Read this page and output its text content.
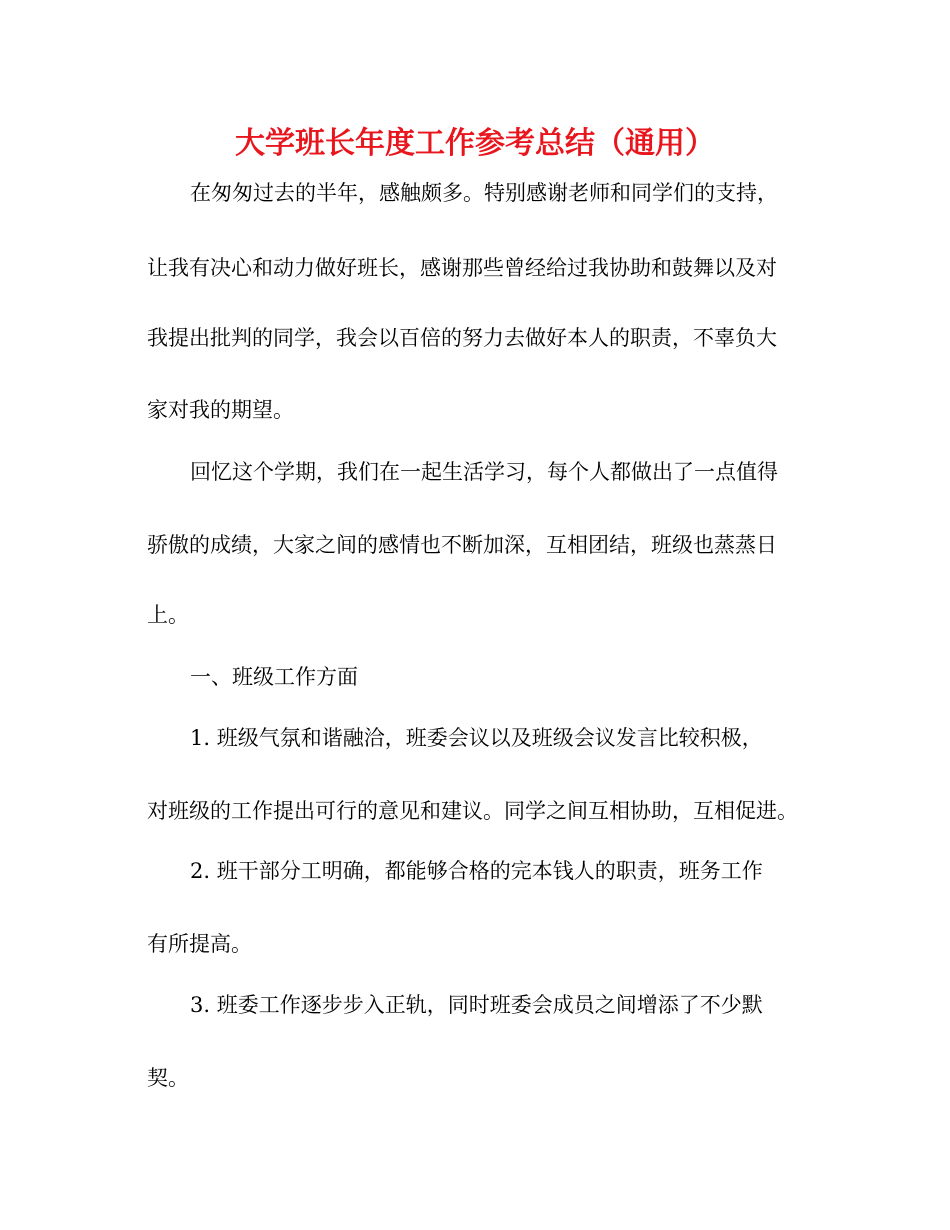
大学班长年度工作参考总结（通用）

在匆匆过去的半年，感触颇多。特别感谢老师和同学们的支持，

让我有决心和动力做好班长，感谢那些曾经给过我协助和鼓舞以及对

我提出批判的同学，我会以百倍的努力去做好本人的职责，不辜负大

家对我的期望。

回忆这个学期，我们在一起生活学习，每个人都做出了一点值得

骄傲的成绩，大家之间的感情也不断加深，互相团结，班级也蒸蒸日

上。

一、班级工作方面

1. 班级气氛和谐融洽，班委会议以及班级会议发言比较积极，

对班级的工作提出可行的意见和建议。同学之间互相协助，互相促进。

2. 班干部分工明确，都能够合格的完本钱人的职责，班务工作

有所提高。

3. 班委工作逐步步入正轨，同时班委会成员之间增添了不少默

契。
